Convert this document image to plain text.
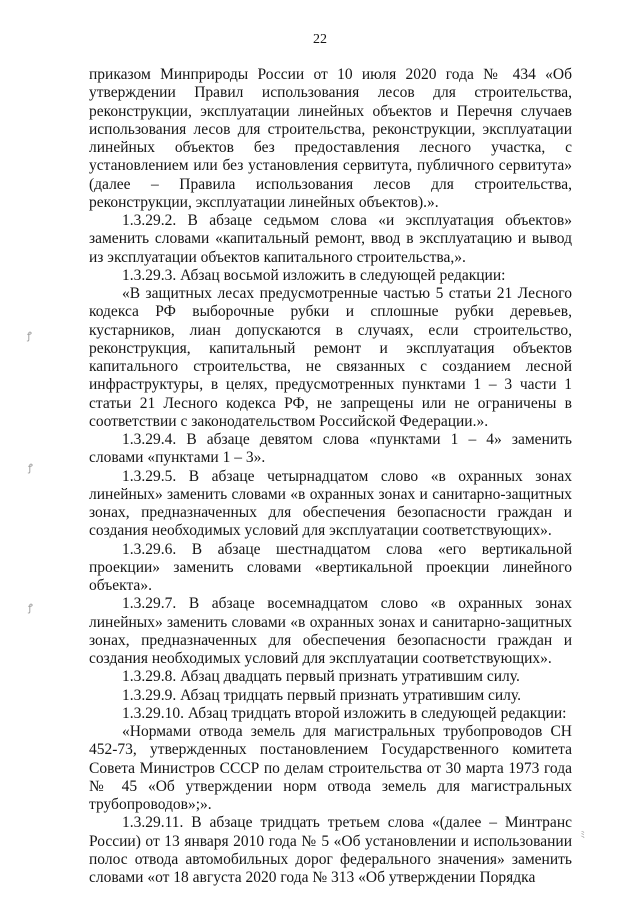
22

приказом Минприроды России от 10 июля 2020 года № 434 «Об утверждении Правил использования лесов для строительства, реконструкции, эксплуатации линейных объектов и Перечня случаев использования лесов для строительства, реконструкции, эксплуатации линейных объектов без предоставления лесного участка, с установлением или без установления сервитута, публичного сервитута» (далее – Правила использования лесов для строительства, реконструкции, эксплуатации линейных объектов).».

1.3.29.2. В абзаце седьмом слова «и эксплуатация объектов» заменить словами «капитальный ремонт, ввод в эксплуатацию и вывод из эксплуатации объектов капитального строительства,».

1.3.29.3. Абзац восьмой изложить в следующей редакции:

«В защитных лесах предусмотренные частью 5 статьи 21 Лесного кодекса РФ выборочные рубки и сплошные рубки деревьев, кустарников, лиан допускаются в случаях, если строительство, реконструкция, капитальный ремонт и эксплуатация объектов капитального строительства, не связанных с созданием лесной инфраструктуры, в целях, предусмотренных пунктами 1 – 3 части 1 статьи 21 Лесного кодекса РФ, не запрещены или не ограничены в соответствии с законодательством Российской Федерации.».

1.3.29.4. В абзаце девятом слова «пунктами 1 – 4» заменить словами «пунктами 1 – 3».

1.3.29.5. В абзаце четырнадцатом слово «в охранных зонах линейных» заменить словами «в охранных зонах и санитарно-защитных зонах, предназначенных для обеспечения безопасности граждан и создания необходимых условий для эксплуатации соответствующих».

1.3.29.6. В абзаце шестнадцатом слова «его вертикальной проекции» заменить словами «вертикальной проекции линейного объекта».

1.3.29.7. В абзаце восемнадцатом слово «в охранных зонах линейных» заменить словами «в охранных зонах и санитарно-защитных зонах, предназначенных для обеспечения безопасности граждан и создания необходимых условий для эксплуатации соответствующих».

1.3.29.8. Абзац двадцать первый признать утратившим силу.

1.3.29.9. Абзац тридцать первый признать утратившим силу.

1.3.29.10. Абзац тридцать второй изложить в следующей редакции:

«Нормами отвода земель для магистральных трубопроводов СН 452-73, утвержденных постановлением Государственного комитета Совета Министров СССР по делам строительства от 30 марта 1973 года № 45 «Об утверждении норм отвода земель для магистральных трубопроводов»;».

1.3.29.11. В абзаце тридцать третьем слова «(далее – Минтранс России) от 13 января 2010 года № 5 «Об установлении и использовании полос отвода автомобильных дорог федерального значения» заменить словами «от 18 августа 2020 года № 313 «Об утверждении Порядка

ꝭ
ꝭ
ꝭ
ﾐ
